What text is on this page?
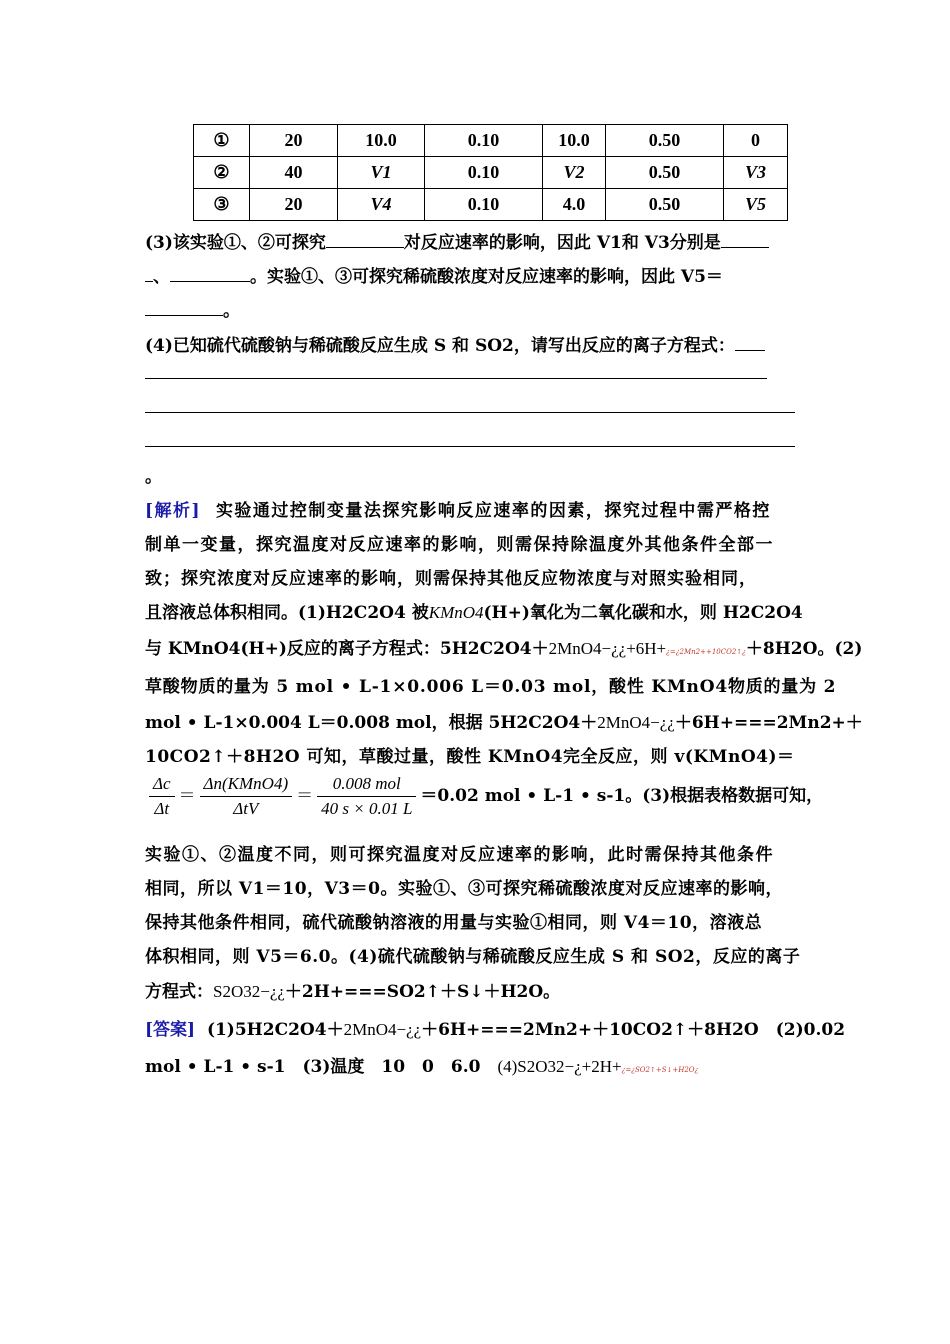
①	20	10.0	0.10	10.0	0.50	0
②	40	V1	0.10	V2	0.50	V3
③	20	V4	0.10	4.0	0.50	V5
(3)该实验①、②可探究	对反应速率的影响，因此 V1和 V3分别是
、	。实验①、③可探究稀硫酸浓度对反应速率的影响，因此 V5＝
。
(4)已知硫代硫酸钠与稀硫酸反应生成 S 和 SO2，请写出反应的离子方程式：
。
[解析] 实验通过控制变量法探究影响反应速率的因素，探究过程中需严格控
制单一变量，探究温度对反应速率的影响，则需保持除温度外其他条件全部一
致；探究浓度对反应速率的影响，则需保持其他反应物浓度与对照实验相同，
且溶液总体积相同。(1)H2C2O4 被KMnO4(H+)氧化为二氧化碳和水，则 H2C2O4
与 KMnO4(H+)反应的离子方程式：5H2C2O4＋2MnO4−¿¿+6H+¿=¿2Mn2++10CO2↑¿＋8H2O。(2)
草酸物质的量为 5 mol • L-1×0.006 L＝0.03 mol，酸性 KMnO4物质的量为 2
mol • L-1×0.004 L＝0.008 mol，根据 5H2C2O4＋2MnO4−¿¿＋6H+===2Mn2+＋
10CO2↑＋8H2O 可知，草酸过量，酸性 KMnO4完全反应，则 v(KMnO4)＝
$\frac{\Delta c}{\Delta t} = \frac{\text{Δn(KMnO4)}}{\text{ΔtV}} = \frac{\text{0.008 mol}}{40 s \times 0.01 L} =0.02$ mol • L-1 • s-1。(3)根据表格数据可知，
实验①、②温度不同，则可探究温度对反应速率的影响，此时需保持其他条件
相同，所以 V1＝10，V3＝0。实验①、③可探究稀硫酸浓度对反应速率的影响，
保持其他条件相同，硫代硫酸钠溶液的用量与实验①相同，则 V4＝10，溶液总
体积相同，则 V5＝6.0。(4)硫代硫酸钠与稀硫酸反应生成 S 和 SO2，反应的离子
方程式：S2O32−¿¿＋2H+===SO2↑＋S↓＋H2O。
[答案] (1)5H2C2O4＋2MnO4−¿¿＋6H+===2Mn2+＋10CO2↑＋8H2O　(2)0.02
mol • L-1 • s-1　(3)温度　10　0　6.0　(4)S2O32−¿+2H+¿=¿SO2↑+S↓+H2O¿
